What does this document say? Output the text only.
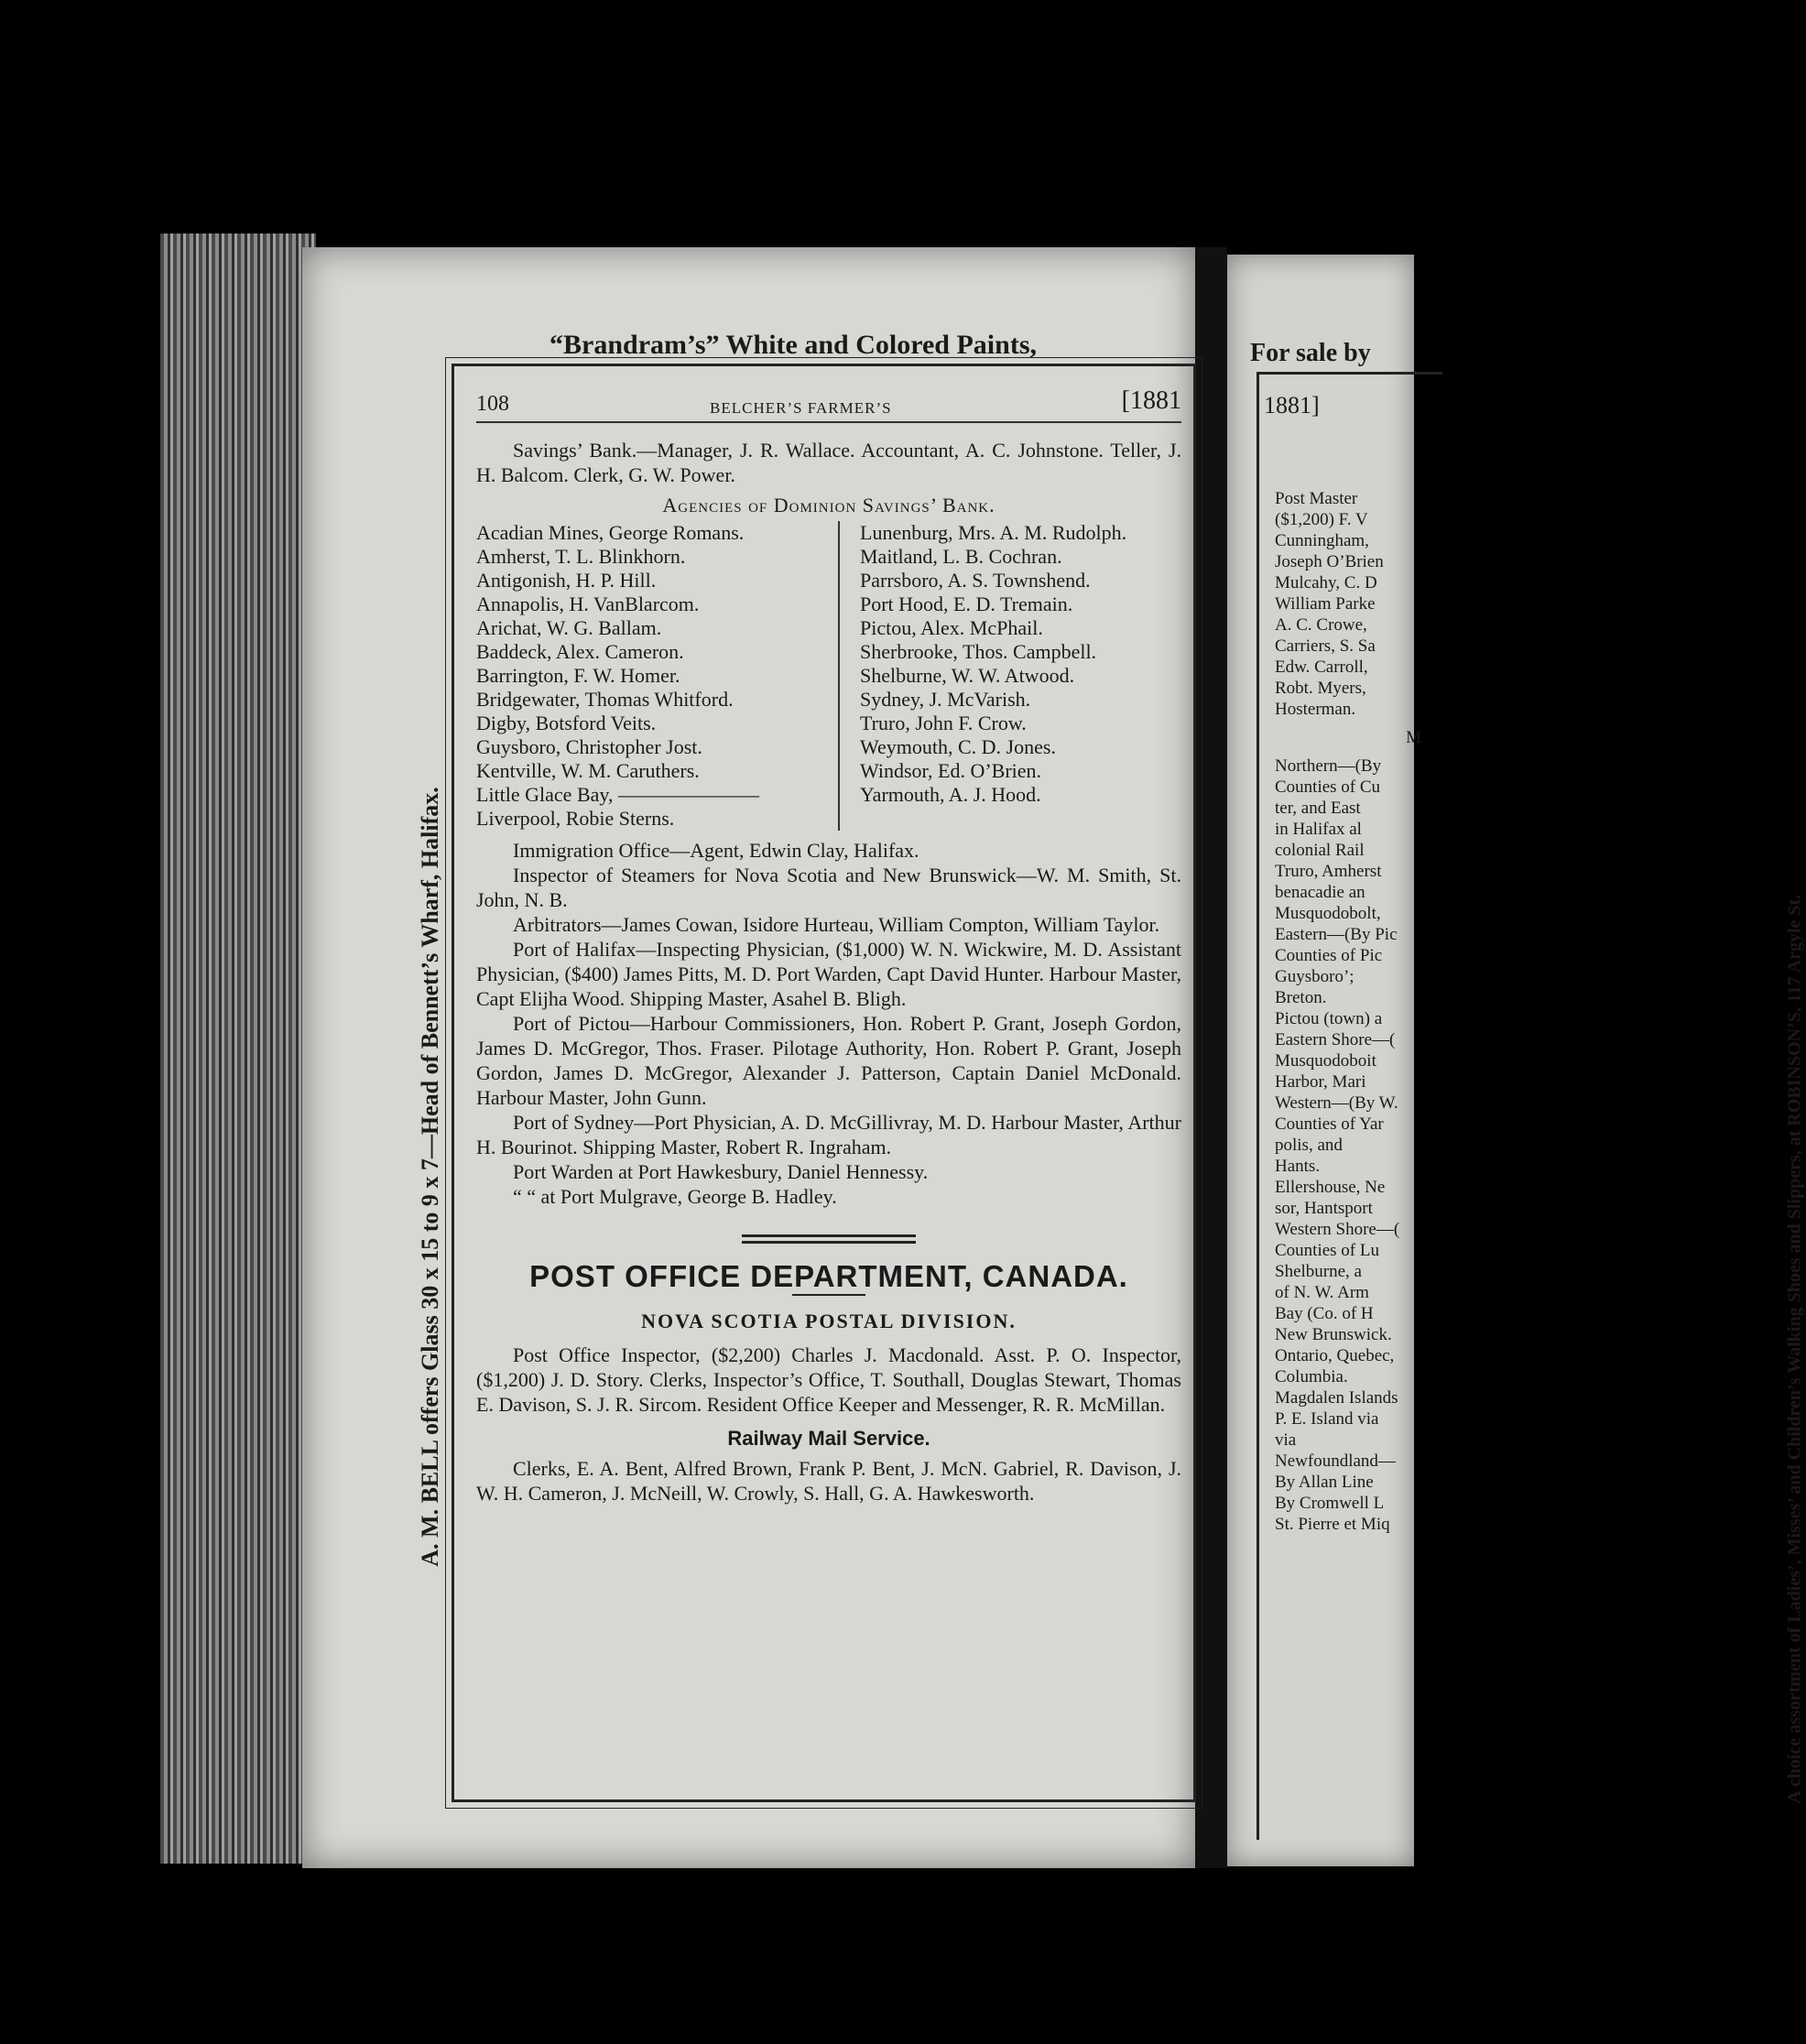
“Brandram’s” White and Colored Paints,
A. M. BELL offers Glass 30 x 15 to 9 x 7—Head of Bennett’s Wharf, Halifax.
108	BELCHER’S FARMER’S	[1881

Savings’ Bank.—Manager, J. R. Wallace. Accountant, A. C. Johnstone. Teller, J. H. Balcom. Clerk, G. W. Power.

Agencies of Dominion Savings’ Bank.
Acadian Mines, George Romans.
Amherst, T. L. Blinkhorn.
Antigonish, H. P. Hill.
Annapolis, H. VanBlarcom.
Arichat, W. G. Ballam.
Baddeck, Alex. Cameron.
Barrington, F. W. Homer.
Bridgewater, Thomas Whitford.
Digby, Botsford Veits.
Guysboro, Christopher Jost.
Kentville, W. M. Caruthers.
Little Glace Bay, ———————
Liverpool, Robie Sterns.
Lunenburg, Mrs. A. M. Rudolph.
Maitland, L. B. Cochran.
Parrsboro, A. S. Townshend.
Port Hood, E. D. Tremain.
Pictou, Alex. McPhail.
Sherbrooke, Thos. Campbell.
Shelburne, W. W. Atwood.
Sydney, J. McVarish.
Truro, John F. Crow.
Weymouth, C. D. Jones.
Windsor, Ed. O’Brien.
Yarmouth, A. J. Hood.

Immigration Office—Agent, Edwin Clay, Halifax.

Inspector of Steamers for Nova Scotia and New Brunswick—W. M. Smith, St. John, N. B.

Arbitrators—James Cowan, Isidore Hurteau, William Compton, William Taylor.

Port of Halifax—Inspecting Physician, ($1,000) W. N. Wickwire, M. D. Assistant Physician, ($400) James Pitts, M. D. Port Warden, Capt David Hunter. Harbour Master, Capt Elijha Wood. Shipping Master, Asahel B. Bligh.

Port of Pictou—Harbour Commissioners, Hon. Robert P. Grant, Joseph Gordon, James D. McGregor, Thos. Fraser. Pilotage Authority, Hon. Robert P. Grant, Joseph Gordon, James D. McGregor, Alexander J. Patterson, Captain Daniel McDonald. Harbour Master, John Gunn.

Port of Sydney—Port Physician, A. D. McGillivray, M. D. Harbour Master, Arthur H. Bourinot. Shipping Master, Robert R. Ingraham.

Port Warden at Port Hawkesbury, Daniel Hennessy.

“ “ at Port Mulgrave, George B. Hadley.

POST OFFICE DEPARTMENT, CANADA.
NOVA SCOTIA POSTAL DIVISION.

Post Office Inspector, ($2,200) Charles J. Macdonald. Asst. P. O. Inspector, ($1,200) J. D. Story. Clerks, Inspector’s Office, T. Southall, Douglas Stewart, Thomas E. Davison, S. J. R. Sircom. Resident Office Keeper and Messenger, R. R. McMillan.

Railway Mail Service.

Clerks, E. A. Bent, Alfred Brown, Frank P. Bent, J. McN. Gabriel, R. Davison, J. W. H. Cameron, J. McNeill, W. Crowly, S. Hall, G. A. Hawkesworth.

For sale by
1881]
A choice assortment of Ladies’, Misses’ and Children’s Walking Shoes and Slippers, at ROBINSON’S, 117 Argyle St.
Post Master
($1,200) F. V
Cunningham,
Joseph O’Brien
Mulcahy, C. D
William Parke
A. C. Crowe,
Carriers, S. Sa
Edw. Carroll,
Robt. Myers,
Hosterman.
M
Northern—(By
Counties of Cu
ter, and East
in Halifax al
colonial Rail
Truro, Amherst
benacadie an
Musquodobolt,
Eastern—(By Pic
Counties of Pic
Guysboro’;
Breton.
Pictou (town) a
Eastern Shore—(
Musquodoboit
Harbor, Mari
Western—(By W.
Counties of Yar
polis, and
Hants.
Ellershouse, Ne
sor, Hantsport
Western Shore—(
Counties of Lu
Shelburne, a
of N. W. Arm
Bay (Co. of H
New Brunswick.
Ontario, Quebec,
Columbia.
Magdalen Islands
P. E. Island via
via
Newfoundland—
By Allan Line
By Cromwell L
St. Pierre et Miq
